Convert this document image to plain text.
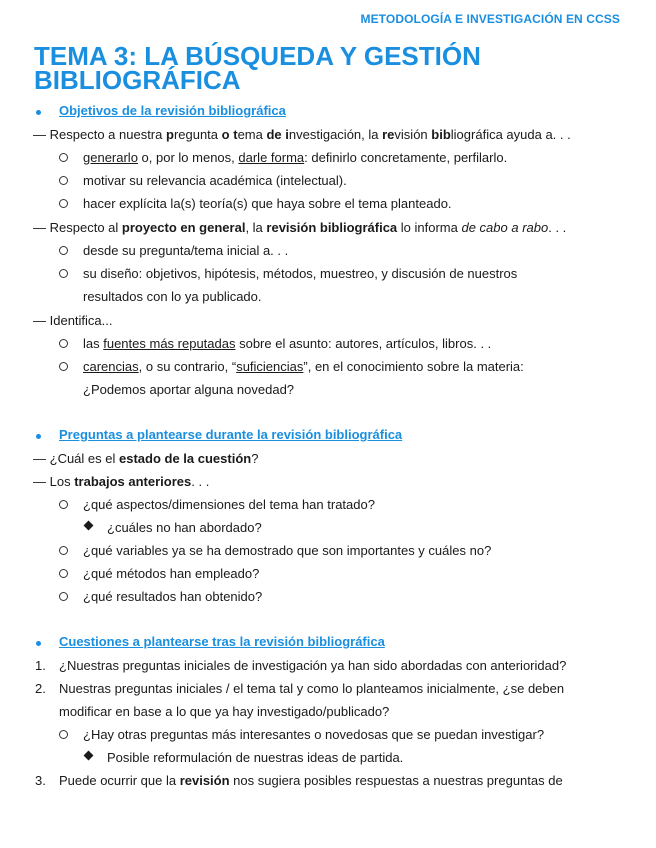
METODOLOGÍA E INVESTIGACIÓN EN CCSS
TEMA 3: LA BÚSQUEDA Y GESTIÓN BIBLIOGRÁFICA
Objetivos de la revisión bibliográfica
— Respecto a nuestra pregunta o tema de investigación, la revisión bibliográfica ayuda a. . .
generarlo o, por lo menos, darle forma: definirlo concretamente, perfilarlo.
motivar su relevancia académica (intelectual).
hacer explícita la(s) teoría(s) que haya sobre el tema planteado.
— Respecto al proyecto en general, la revisión bibliográfica lo informa de cabo a rabo. . .
desde su pregunta/tema inicial a. . .
su diseño: objetivos, hipótesis, métodos, muestreo, y discusión de nuestros
resultados con lo ya publicado.
— Identifica...
las fuentes más reputadas sobre el asunto: autores, artículos, libros. . .
carencias, o su contrario, “suficiencias”, en el conocimiento sobre la materia:
¿Podemos aportar alguna novedad?
Preguntas a plantearse durante la revisión bibliográfica
— ¿Cuál es el estado de la cuestión?
— Los trabajos anteriores. . .
¿qué aspectos/dimensiones del tema han tratado?
¿cuáles no han abordado?
¿qué variables ya se ha demostrado que son importantes y cuáles no?
¿qué métodos han empleado?
¿qué resultados han obtenido?
Cuestiones a plantearse tras la revisión bibliográfica
1. ¿Nuestras preguntas iniciales de investigación ya han sido abordadas con anterioridad?
2. Nuestras preguntas iniciales / el tema tal y como lo planteamos inicialmente, ¿se deben
modificar en base a lo que ya hay investigado/publicado?
¿Hay otras preguntas más interesantes o novedosas que se puedan investigar?
Posible reformulación de nuestras ideas de partida.
3. Puede ocurrir que la revisión nos sugiera posibles respuestas a nuestras preguntas de
